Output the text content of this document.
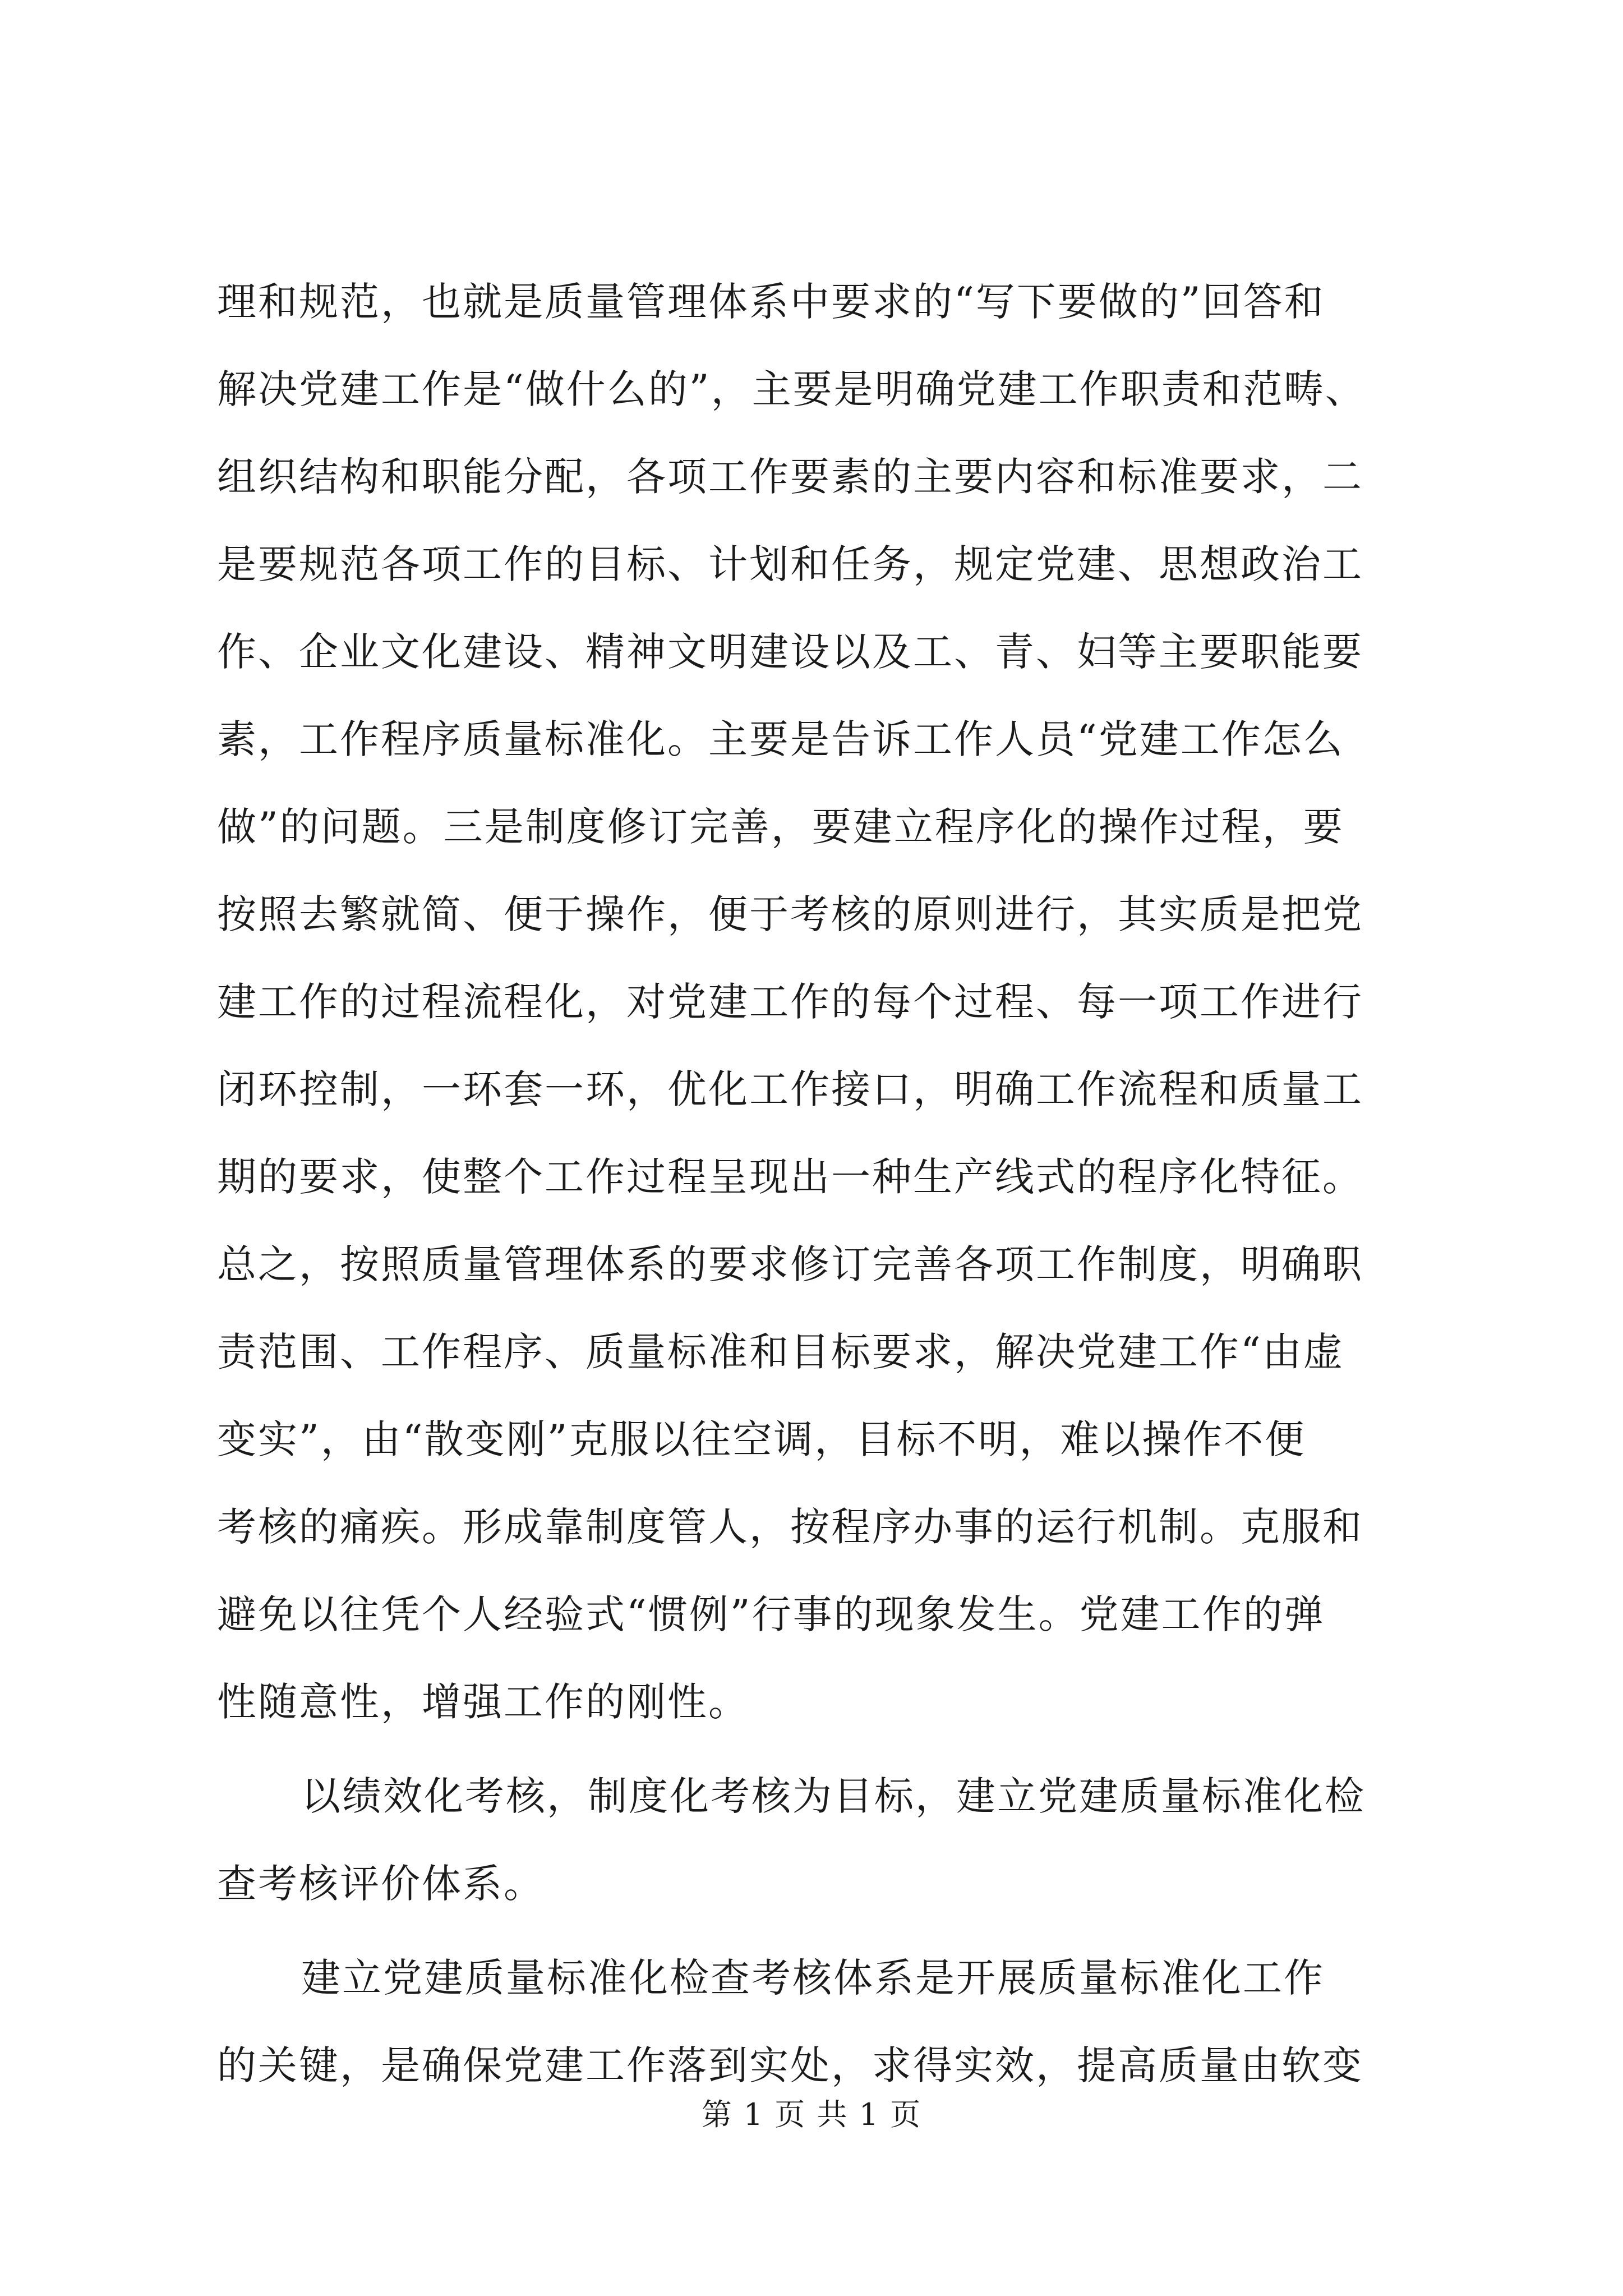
理和规范，也就是质量管理体系中要求的“写下要做的”回答和
解决党建工作是“做什么的”，主要是明确党建工作职责和范畴、
组织结构和职能分配，各项工作要素的主要内容和标准要求，二
是要规范各项工作的目标、计划和任务，规定党建、思想政治工
作、企业文化建设、精神文明建设以及工、青、妇等主要职能要
素，工作程序质量标准化。主要是告诉工作人员“党建工作怎么
做”的问题。三是制度修订完善，要建立程序化的操作过程，要
按照去繁就简、便于操作，便于考核的原则进行，其实质是把党
建工作的过程流程化，对党建工作的每个过程、每一项工作进行
闭环控制，一环套一环，优化工作接口，明确工作流程和质量工
期的要求，使整个工作过程呈现出一种生产线式的程序化特征。
总之，按照质量管理体系的要求修订完善各项工作制度，明确职
责范围、工作程序、质量标准和目标要求，解决党建工作“由虚
变实”，由“散变刚”克服以往空调，目标不明，难以操作不便
考核的痛疾。形成靠制度管人，按程序办事的运行机制。克服和
避免以往凭个人经验式“惯例”行事的现象发生。党建工作的弹
性随意性，增强工作的刚性。
以绩效化考核，制度化考核为目标，建立党建质量标准化检
查考核评价体系。
建立党建质量标准化检查考核体系是开展质量标准化工作
的关键，是确保党建工作落到实处，求得实效，提高质量由软变
第 1 页 共 1 页
